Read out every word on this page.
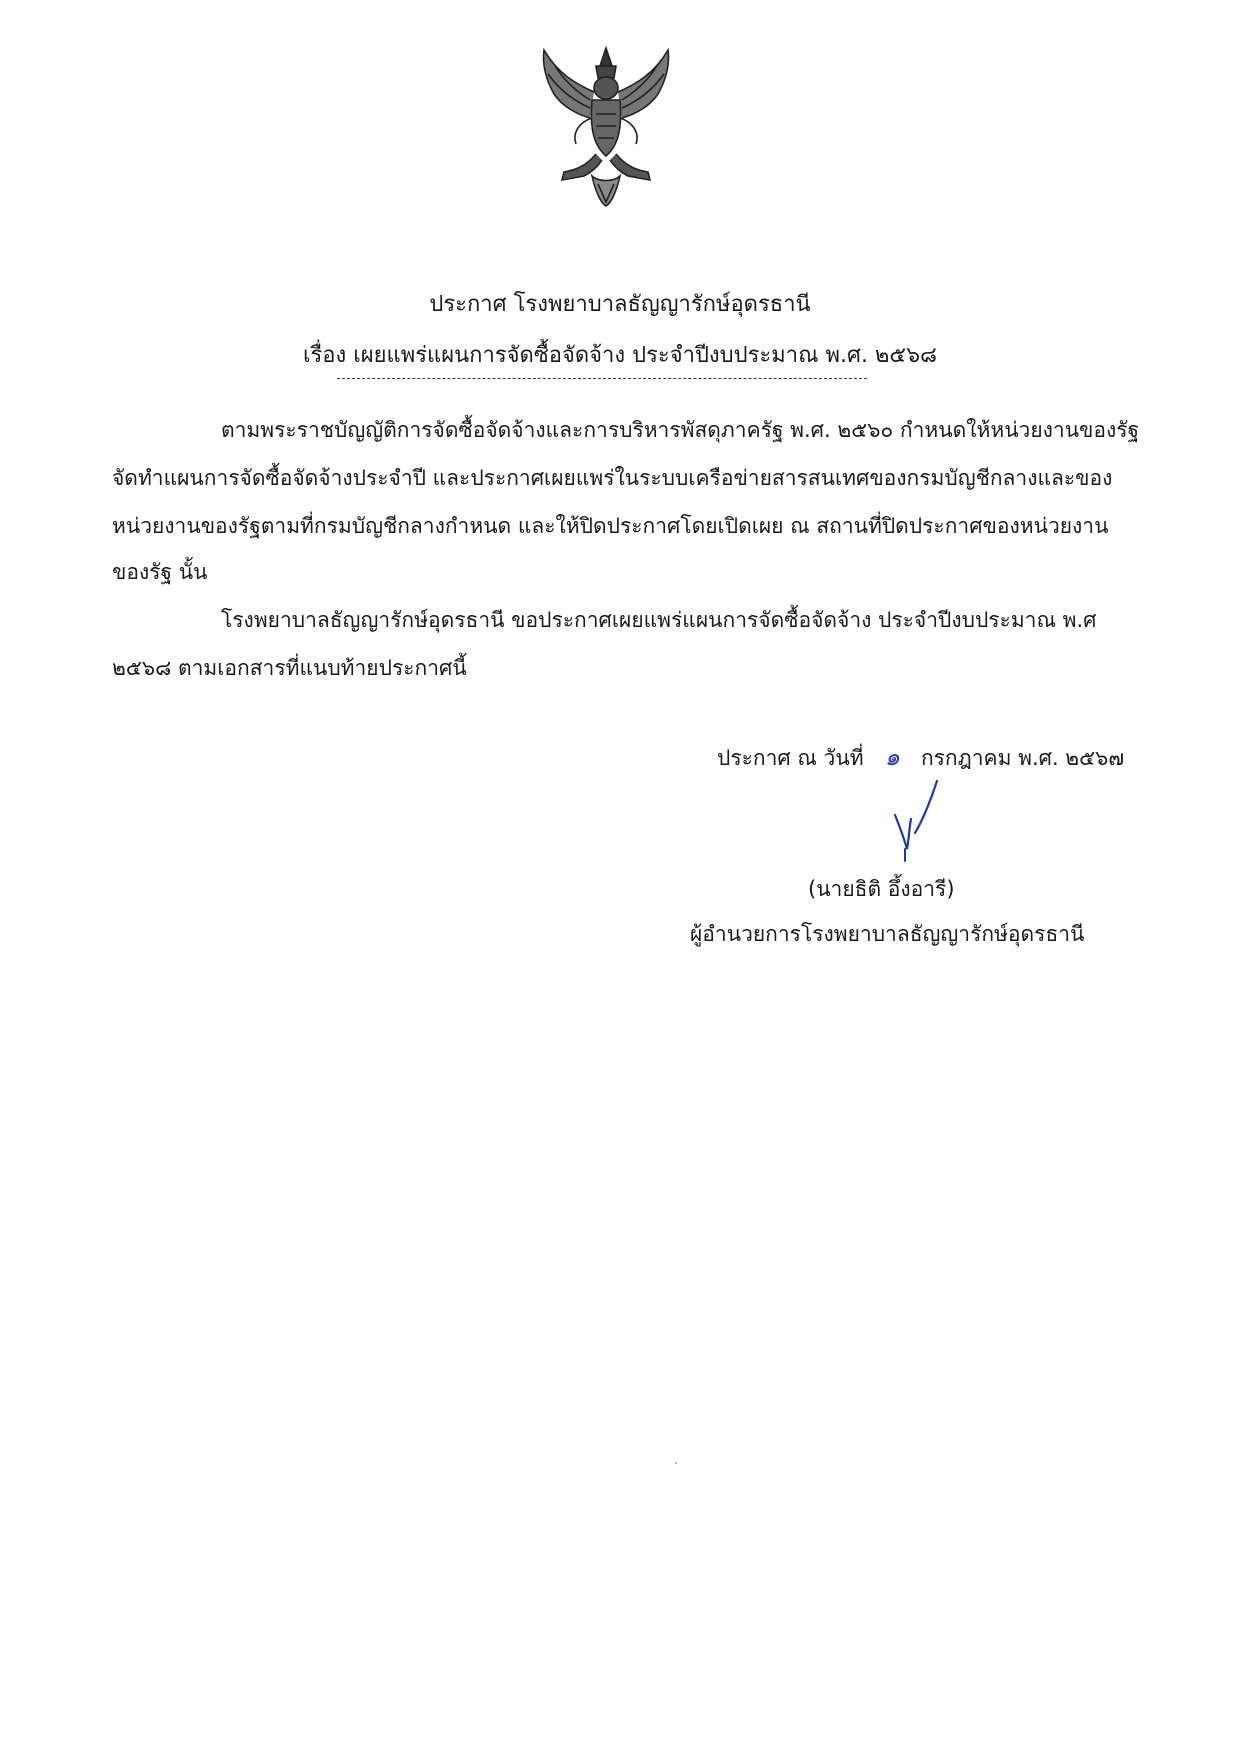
ประกาศ โรงพยาบาลธัญญารักษ์อุดรธานี
เรื่อง เผยแพร่แผนการจัดซื้อจัดจ้าง ประจำปีงบประมาณ พ.ศ. ๒๕๖๘
ตามพระราชบัญญัติการจัดซื้อจัดจ้างและการบริหารพัสดุภาครัฐ พ.ศ. ๒๕๖๐ กำหนดให้หน่วยงานของรัฐ
จัดทำแผนการจัดซื้อจัดจ้างประจำปี และประกาศเผยแพร่ในระบบเครือข่ายสารสนเทศของกรมบัญชีกลางและของ
หน่วยงานของรัฐตามที่กรมบัญชีกลางกำหนด และให้ปิดประกาศโดยเปิดเผย ณ สถานที่ปิดประกาศของหน่วยงาน
ของรัฐ นั้น
โรงพยาบาลธัญญารักษ์อุดรธานี ขอประกาศเผยแพร่แผนการจัดซื้อจัดจ้าง ประจำปีงบประมาณ พ.ศ
๒๕๖๘ ตามเอกสารที่แนบท้ายประกาศนี้
ประกาศ ณ วันที่ ๑ กรกฎาคม พ.ศ. ๒๕๖๗
(นายธิติ อึ้งอารี)
ผู้อำนวยการโรงพยาบาลธัญญารักษ์อุดรธานี
